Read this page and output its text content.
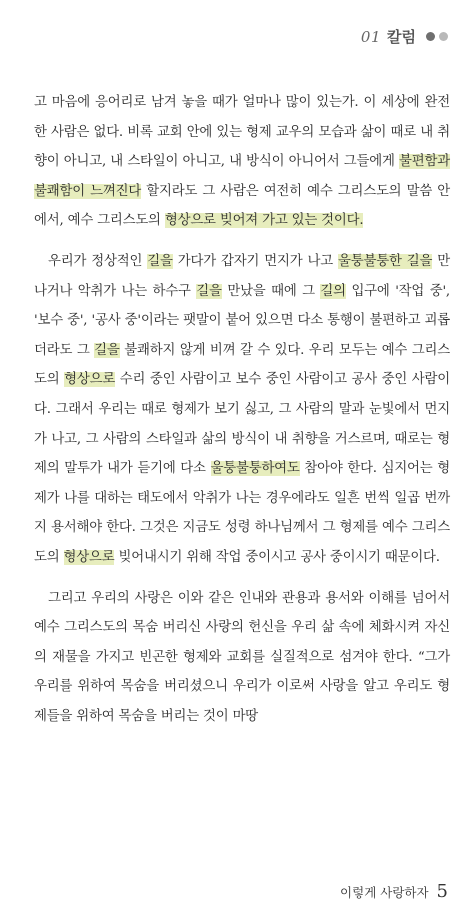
01 칼럼

고 마음에 응어리로 남겨 놓을 때가 얼마나 많이 있는가. 이 세상에 완전한 사람은 없다. 비록 교회 안에 있는 형제 교우의 모습과 삶이 때로 내 취향이 아니고, 내 스타일이 아니고, 내 방식이 아니어서 그들에게 불편함과 불쾌함이 느껴진다 할지라도 그 사람은 여전히 예수 그리스도의 말씀 안에서, 예수 그리스도의 형상으로 빚어져 가고 있는 것이다.

우리가 정상적인 길을 가다가 갑자기 먼지가 나고 울퉁불퉁한 길을 만나거나 악취가 나는 하수구 길을 만났을 때에 그 길의 입구에 '작업 중', '보수 중', '공사 중'이라는 팻말이 붙어 있으면 다소 통행이 불편하고 괴롭더라도 그 길을 불쾌하지 않게 비껴 갈 수 있다. 우리 모두는 예수 그리스도의 형상으로 수리 중인 사람이고 보수 중인 사람이고 공사 중인 사람이다. 그래서 우리는 때로 형제가 보기 싫고, 그 사람의 말과 눈빛에서 먼지가 나고, 그 사람의 스타일과 삶의 방식이 내 취향을 거스르며, 때로는 형제의 말투가 내가 듣기에 다소 울퉁불퉁하여도 참아야 한다. 심지어는 형제가 나를 대하는 태도에서 악취가 나는 경우에라도 일흔 번씩 일곱 번까지 용서해야 한다. 그것은 지금도 성령 하나님께서 그 형제를 예수 그리스도의 형상으로 빚어내시기 위해 작업 중이시고 공사 중이시기 때문이다.

그리고 우리의 사랑은 이와 같은 인내와 관용과 용서와 이해를 넘어서 예수 그리스도의 목숨 버리신 사랑의 헌신을 우리 삶 속에 체화시켜 자신의 재물을 가지고 빈곤한 형제와 교회를 실질적으로 섬겨야 한다. “그가 우리를 위하여 목숨을 버리셨으니 우리가 이로써 사랑을 알고 우리도 형제들을 위하여 목숨을 버리는 것이 마땅

이렇게 사랑하자 5
